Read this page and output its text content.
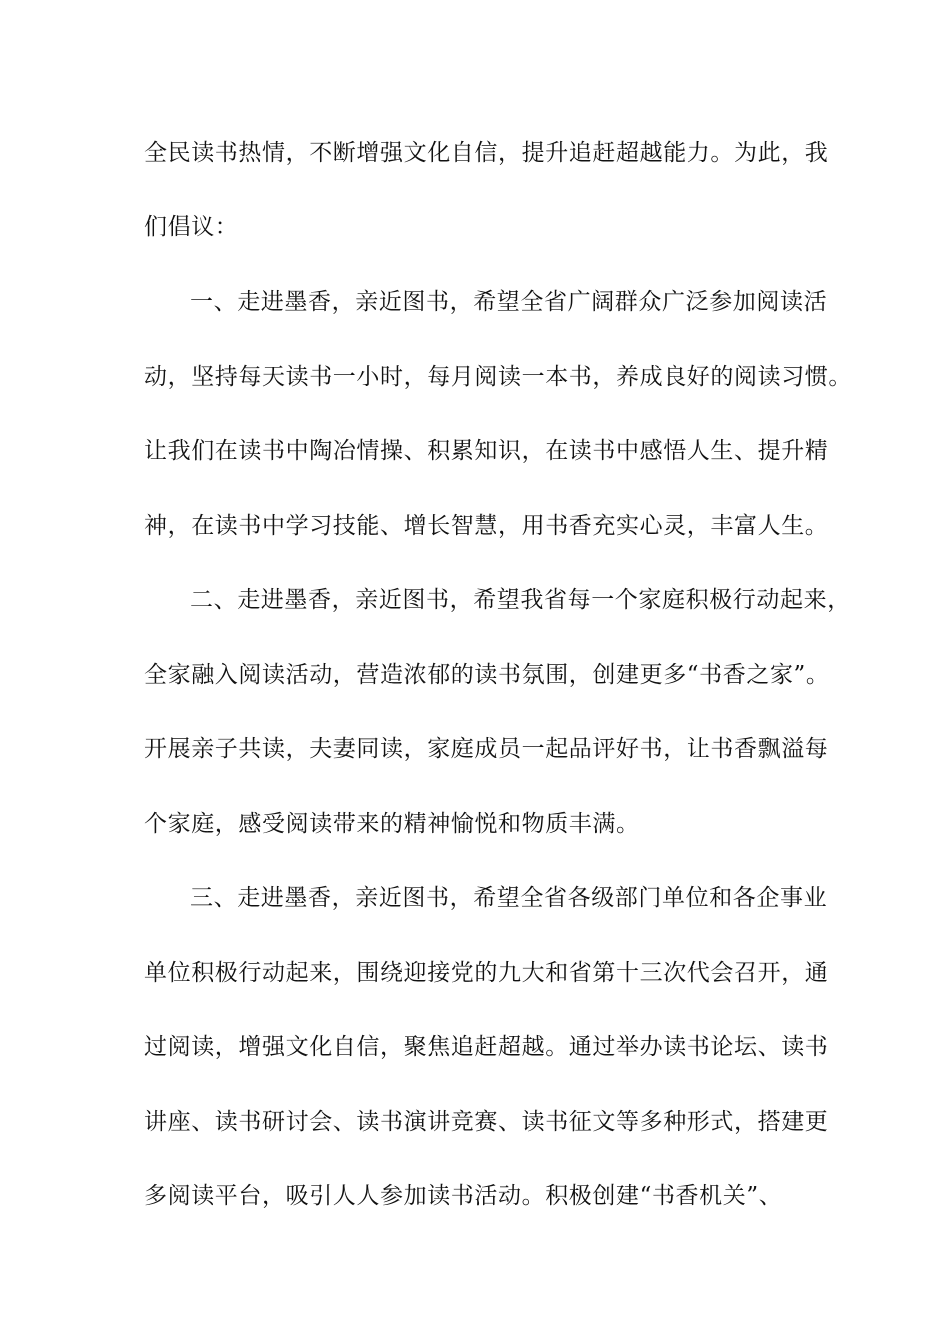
全民读书热情，不断增强文化自信，提升追赶超越能力。为此，我
们倡议：
一、走进墨香，亲近图书，希望全省广阔群众广泛参加阅读活
动，坚持每天读书一小时，每月阅读一本书，养成良好的阅读习惯。
让我们在读书中陶冶情操、积累知识，在读书中感悟人生、提升精
神，在读书中学习技能、增长智慧，用书香充实心灵，丰富人生。
二、走进墨香，亲近图书，希望我省每一个家庭积极行动起来，
全家融入阅读活动，营造浓郁的读书氛围，创建更多“书香之家”。
开展亲子共读，夫妻同读，家庭成员一起品评好书，让书香飘溢每
个家庭，感受阅读带来的精神愉悦和物质丰满。
三、走进墨香，亲近图书，希望全省各级部门单位和各企事业
单位积极行动起来，围绕迎接党的九大和省第十三次代会召开，通
过阅读，增强文化自信，聚焦追赶超越。通过举办读书论坛、读书
讲座、读书研讨会、读书演讲竞赛、读书征文等多种形式，搭建更
多阅读平台，吸引人人参加读书活动。积极创建“书香机关”、
